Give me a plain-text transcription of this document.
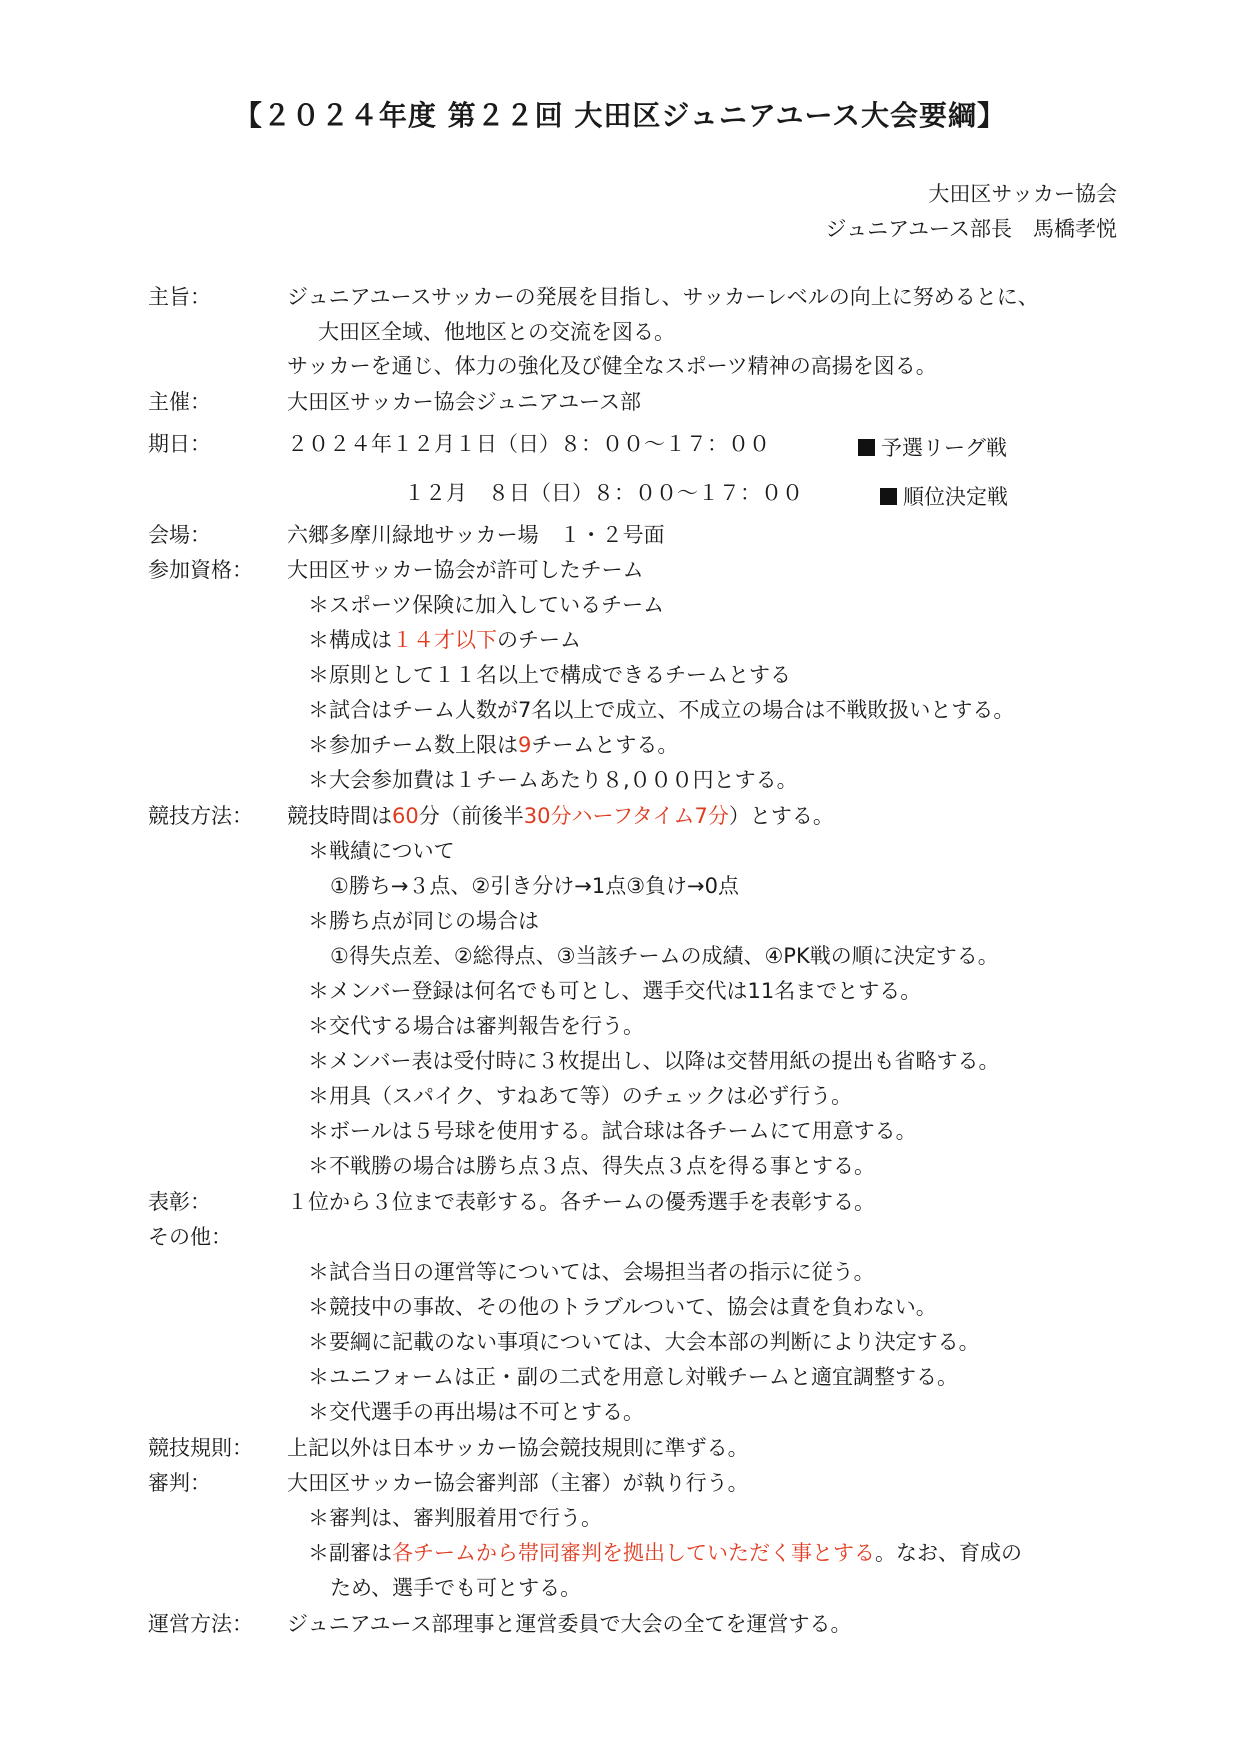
【２０２４年度 第２２回 大田区ジュニアユース大会要綱】
大田区サッカー協会
ジュニアユース部長　馬橋孝悦
主旨：	ジュニアユースサッカーの発展を目指し、サッカーレベルの向上に努めるとに、
大田区全域、他地区との交流を図る。
サッカーを通じ、体力の強化及び健全なスポーツ精神の高揚を図る。
主催：	大田区サッカー協会ジュニアユース部
期日：	２０２４年１２月１日（日）８：００〜１７：００	予選リーグ戦
１２月　８日（日）８：００〜１７：００	順位決定戦
会場：	六郷多摩川緑地サッカー場　１・２号面
参加資格： 大田区サッカー協会が許可したチーム
＊スポーツ保険に加入しているチーム
＊構成は１４才以下のチーム
＊原則として１１名以上で構成できるチームとする
＊試合はチーム人数が7名以上で成立、不成立の場合は不戦敗扱いとする。
＊参加チーム数上限は9チームとする。
＊大会参加費は１チームあたり８,０００円とする。
競技方法： 競技時間は60分（前後半30分ハーフタイム7分）とする。
＊戦績について
①勝ち→３点、②引き分け→1点③負け→0点
＊勝ち点が同じの場合は
①得失点差、②総得点、③当該チームの成績、④PK戦の順に決定する。
＊メンバー登録は何名でも可とし、選手交代は11名までとする。
＊交代する場合は審判報告を行う。
＊メンバー表は受付時に３枚提出し、以降は交替用紙の提出も省略する。
＊用具（スパイク、すねあて等）のチェックは必ず行う。
＊ボールは５号球を使用する。試合球は各チームにて用意する。
＊不戦勝の場合は勝ち点３点、得失点３点を得る事とする。
表彰：	１位から３位まで表彰する。各チームの優秀選手を表彰する。
その他：
＊試合当日の運営等については、会場担当者の指示に従う。
＊競技中の事故、その他のトラブルついて、協会は責を負わない。
＊要綱に記載のない事項については、大会本部の判断により決定する。
＊ユニフォームは正・副の二式を用意し対戦チームと適宜調整する。
＊交代選手の再出場は不可とする。
競技規則： 上記以外は日本サッカー協会競技規則に準ずる。
審判：	大田区サッカー協会審判部（主審）が執り行う。
＊審判は、審判服着用で行う。
＊副審は各チームから帯同審判を拠出していただく事とする。なお、育成の
ため、選手でも可とする。
運営方法： ジュニアユース部理事と運営委員で大会の全てを運営する。
